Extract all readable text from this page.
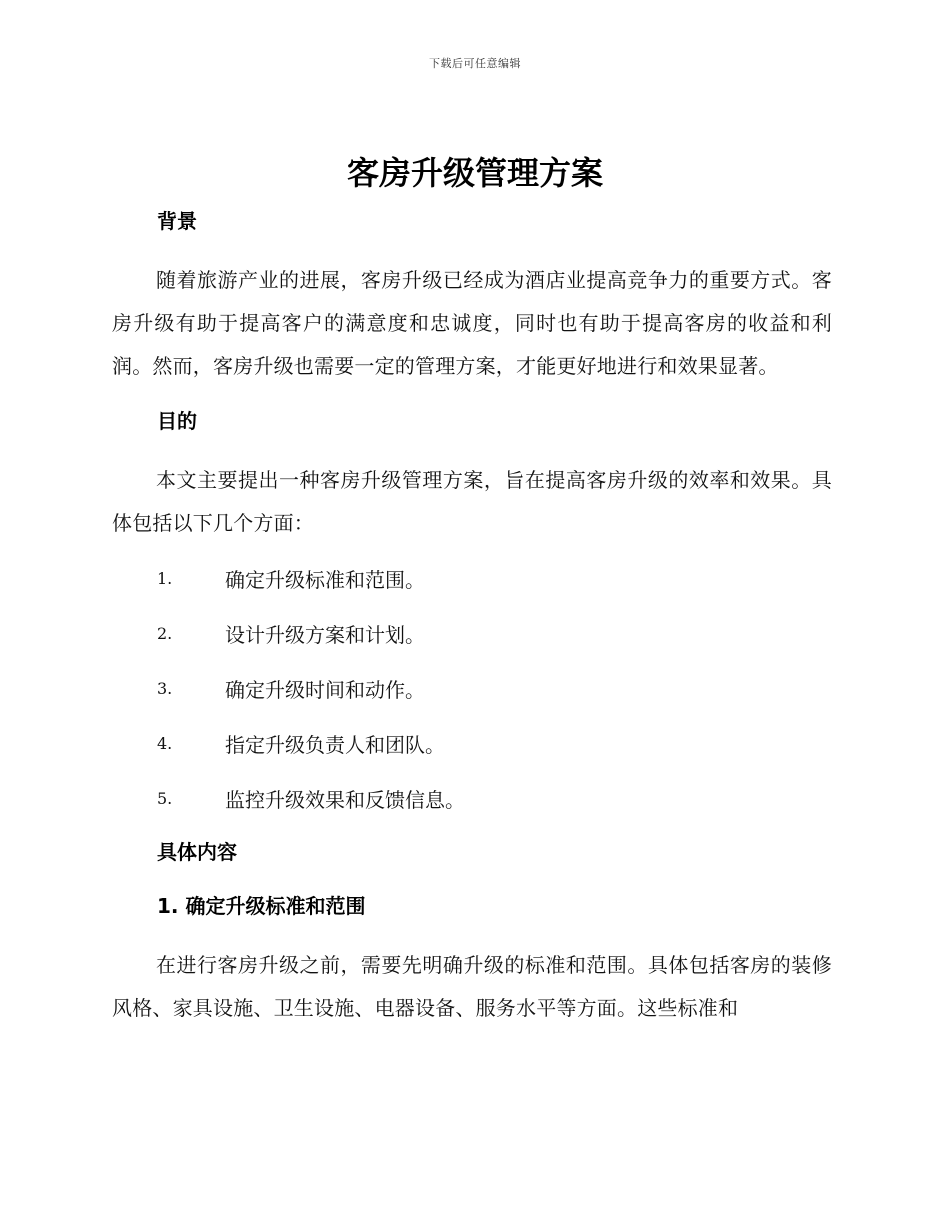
下载后可任意编辑
客房升级管理方案
背景

随着旅游产业的进展，客房升级已经成为酒店业提高竞争力的重要方式。客房升级有助于提高客户的满意度和忠诚度，同时也有助于提高客房的收益和利润。然而，客房升级也需要一定的管理方案，才能更好地进行和效果显著。

目的

本文主要提出一种客房升级管理方案，旨在提高客房升级的效率和效果。具体包括以下几个方面：

1.	确定升级标准和范围。
2.	设计升级方案和计划。
3.	确定升级时间和动作。
4.	指定升级负责人和团队。
5.	监控升级效果和反馈信息。
具体内容
1. 确定升级标准和范围

在进行客房升级之前，需要先明确升级的标准和范围。具体包括客房的装修风格、家具设施、卫生设施、电器设备、服务水平等方面。这些标准和
